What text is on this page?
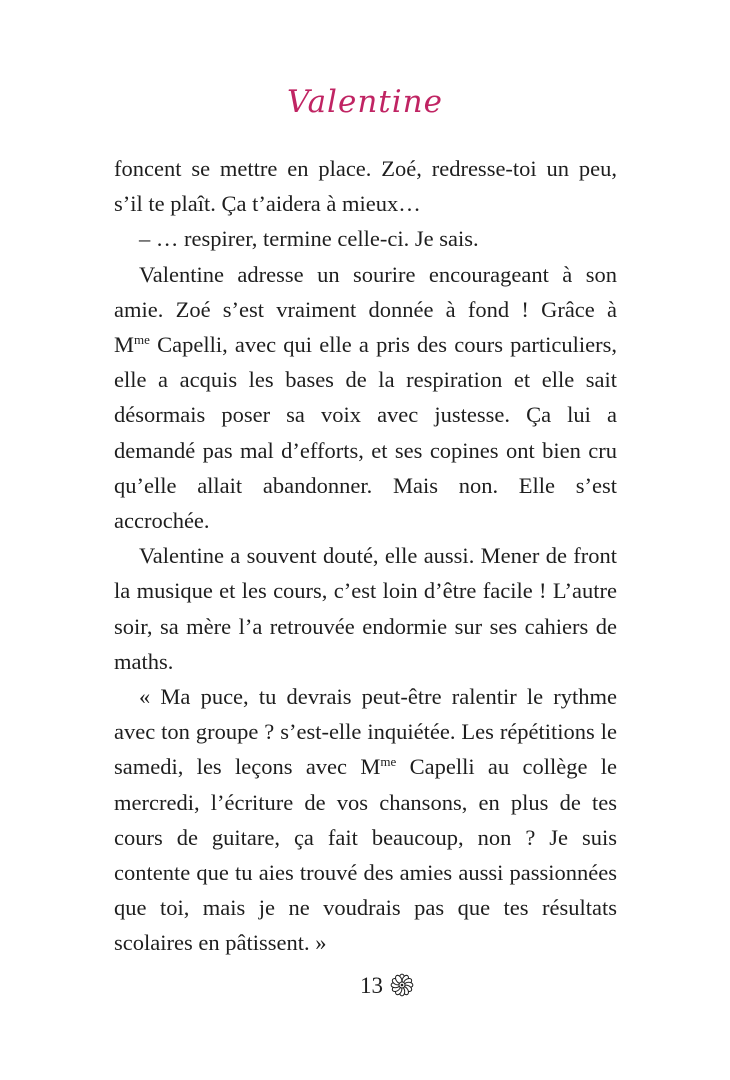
Valentine

foncent se mettre en place. Zoé, redresse-toi un peu, s’il te plaît. Ça t’aidera à mieux…

– … respirer, termine celle-ci. Je sais.

Valentine adresse un sourire encourageant à son amie. Zoé s’est vraiment donnée à fond ! Grâce à $M^{me}$ Capelli, avec qui elle a pris des cours particuliers, elle a acquis les bases de la respiration et elle sait désormais poser sa voix avec justesse. Ça lui a demandé pas mal d’efforts, et ses copines ont bien cru qu’elle allait abandonner. Mais non. Elle s’est accrochée.

Valentine a souvent douté, elle aussi. Mener de front la musique et les cours, c’est loin d’être facile ! L’autre soir, sa mère l’a retrouvée endormie sur ses cahiers de maths.

« Ma puce, tu devrais peut-être ralentir le rythme avec ton groupe ? s’est-elle inquiétée. Les répétitions le samedi, les leçons avec $M^{me}$ Capelli au collège le mercredi, l’écriture de vos chansons, en plus de tes cours de guitare, ça fait beaucoup, non ? Je suis contente que tu aies trouvé des amies aussi passionnées que toi, mais je ne voudrais pas que tes résultats scolaires en pâtissent. »

13
